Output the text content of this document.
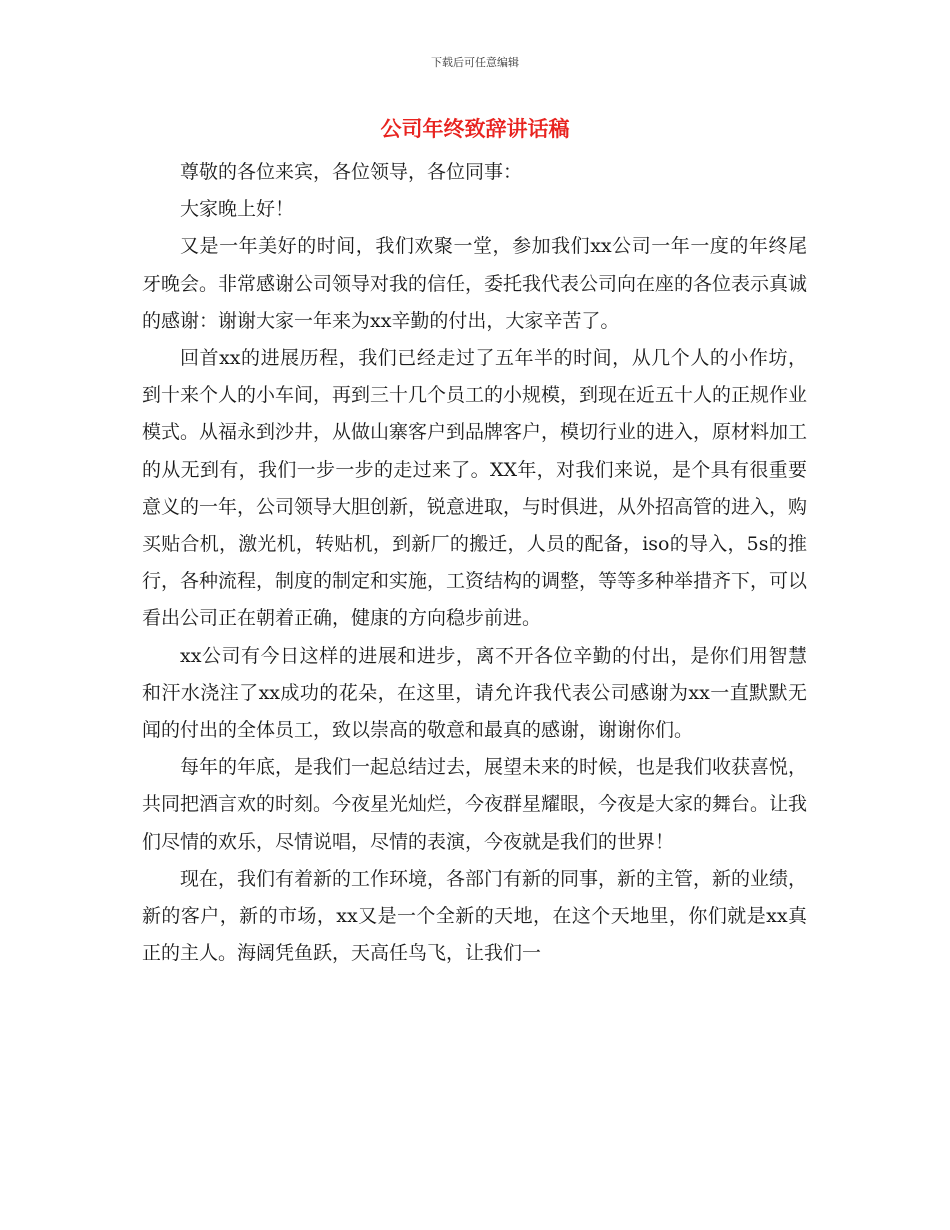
下载后可任意编辑
公司年终致辞讲话稿

尊敬的各位来宾，各位领导，各位同事：

大家晚上好！

又是一年美好的时间，我们欢聚一堂，参加我们xx公司一年一度的年终尾牙晚会。非常感谢公司领导对我的信任，委托我代表公司向在座的各位表示真诚的感谢：谢谢大家一年来为xx辛勤的付出，大家辛苦了。

回首xx的进展历程，我们已经走过了五年半的时间，从几个人的小作坊，到十来个人的小车间，再到三十几个员工的小规模，到现在近五十人的正规作业模式。从福永到沙井，从做山寨客户到品牌客户，模切行业的进入，原材料加工的从无到有，我们一步一步的走过来了。XX年，对我们来说，是个具有很重要意义的一年，公司领导大胆创新，锐意进取，与时俱进，从外招高管的进入，购买贴合机，激光机，转贴机，到新厂的搬迁，人员的配备，iso的导入，5s的推行，各种流程，制度的制定和实施，工资结构的调整，等等多种举措齐下，可以看出公司正在朝着正确，健康的方向稳步前进。

xx公司有今日这样的进展和进步，离不开各位辛勤的付出，是你们用智慧和汗水浇注了xx成功的花朵，在这里，请允许我代表公司感谢为xx一直默默无闻的付出的全体员工，致以崇高的敬意和最真的感谢，谢谢你们。

每年的年底，是我们一起总结过去，展望未来的时候，也是我们收获喜悦，共同把酒言欢的时刻。今夜星光灿烂，今夜群星耀眼，今夜是大家的舞台。让我们尽情的欢乐，尽情说唱，尽情的表演，今夜就是我们的世界！

现在，我们有着新的工作环境，各部门有新的同事，新的主管，新的业绩，新的客户，新的市场，xx又是一个全新的天地，在这个天地里，你们就是xx真正的主人。海阔凭鱼跃，天高任鸟飞，让我们一
